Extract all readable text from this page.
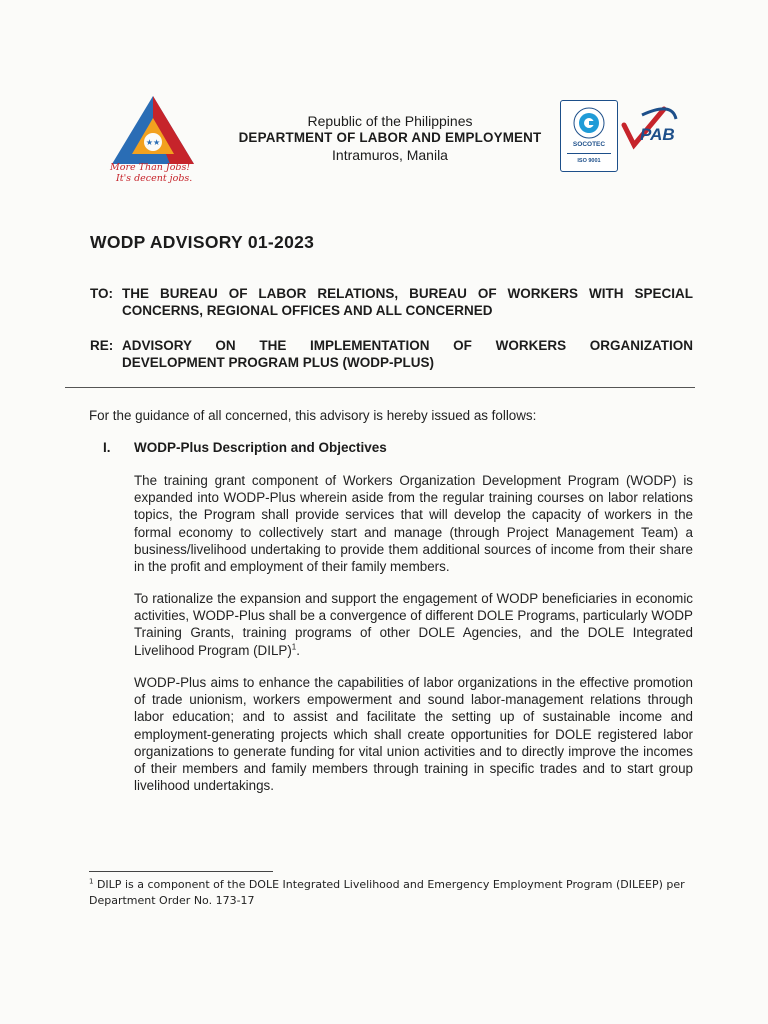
★★
More Than Jobs!
It's decent jobs.
Republic of the Philippines
DEPARTMENT OF LABOR AND EMPLOYMENT
Intramuros, Manila
SOCOTEC
ISO 9001
PAB
WODP ADVISORY 01-2023
TO: THE BUREAU OF LABOR RELATIONS, BUREAU OF WORKERS WITH SPECIAL
CONCERNS, REGIONAL OFFICES AND ALL CONCERNED
RE: ADVISORY ON THE IMPLEMENTATION OF WORKERS ORGANIZATION
DEVELOPMENT PROGRAM PLUS (WODP-PLUS)
For the guidance of all concerned, this advisory is hereby issued as follows:
I. WODP-Plus Description and Objectives
The training grant component of Workers Organization Development Program (WODP) is expanded into WODP-Plus wherein aside from the regular training courses on labor relations topics, the Program shall provide services that will develop the capacity of workers in the formal economy to collectively start and manage (through Project Management Team) a business/livelihood undertaking to provide them additional sources of income from their share in the profit and employment of their family members.
To rationalize the expansion and support the engagement of WODP beneficiaries in economic activities, WODP-Plus shall be a convergence of different DOLE Programs, particularly WODP Training Grants, training programs of other DOLE Agencies, and the DOLE Integrated Livelihood Program (DILP)$^1$.
WODP-Plus aims to enhance the capabilities of labor organizations in the effective promotion of trade unionism, workers empowerment and sound labor-management relations through labor education; and to assist and facilitate the setting up of sustainable income and employment-generating projects which shall create opportunities for DOLE registered labor organizations to generate funding for vital union activities and to directly improve the incomes of their members and family members through training in specific trades and to start group livelihood undertakings.
$^1$ DILP is a component of the DOLE Integrated Livelihood and Emergency Employment Program (DILEEP) per Department Order No. 173-17
